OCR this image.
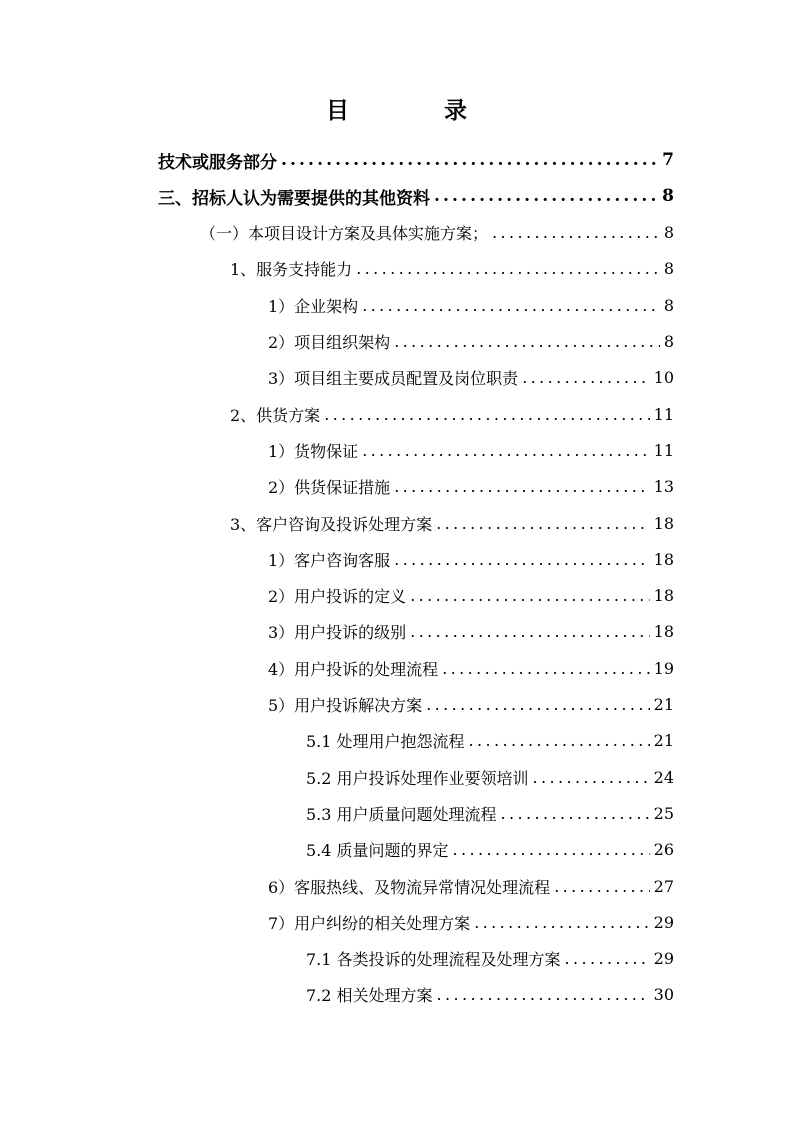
目　录
技术或服务部分 .....	7
三、招标人认为需要提供的其他资料 .....	8
（一）本项目设计方案及具体实施方案； .....	8
1、服务支持能力 .....	8
1）企业架构 .....	8
2）项目组织架构 .....	8
3）项目组主要成员配置及岗位职责 .....	10
2、供货方案 .....	11
1）货物保证 .....	11
2）供货保证措施 .....	13
3、客户咨询及投诉处理方案 .....	18
1）客户咨询客服 .....	18
2）用户投诉的定义 .....	18
3）用户投诉的级别 .....	18
4）用户投诉的处理流程 .....	19
5）用户投诉解决方案 .....	21
5.1 处理用户抱怨流程 .....	21
5.2 用户投诉处理作业要领培训 .....	24
5.3 用户质量问题处理流程 .....	25
5.4 质量问题的界定 .....	26
6）客服热线、及物流异常情况处理流程 .....	27
7）用户纠纷的相关处理方案 .....	29
7.1 各类投诉的处理流程及处理方案 .....	29
7.2 相关处理方案 .....	30
